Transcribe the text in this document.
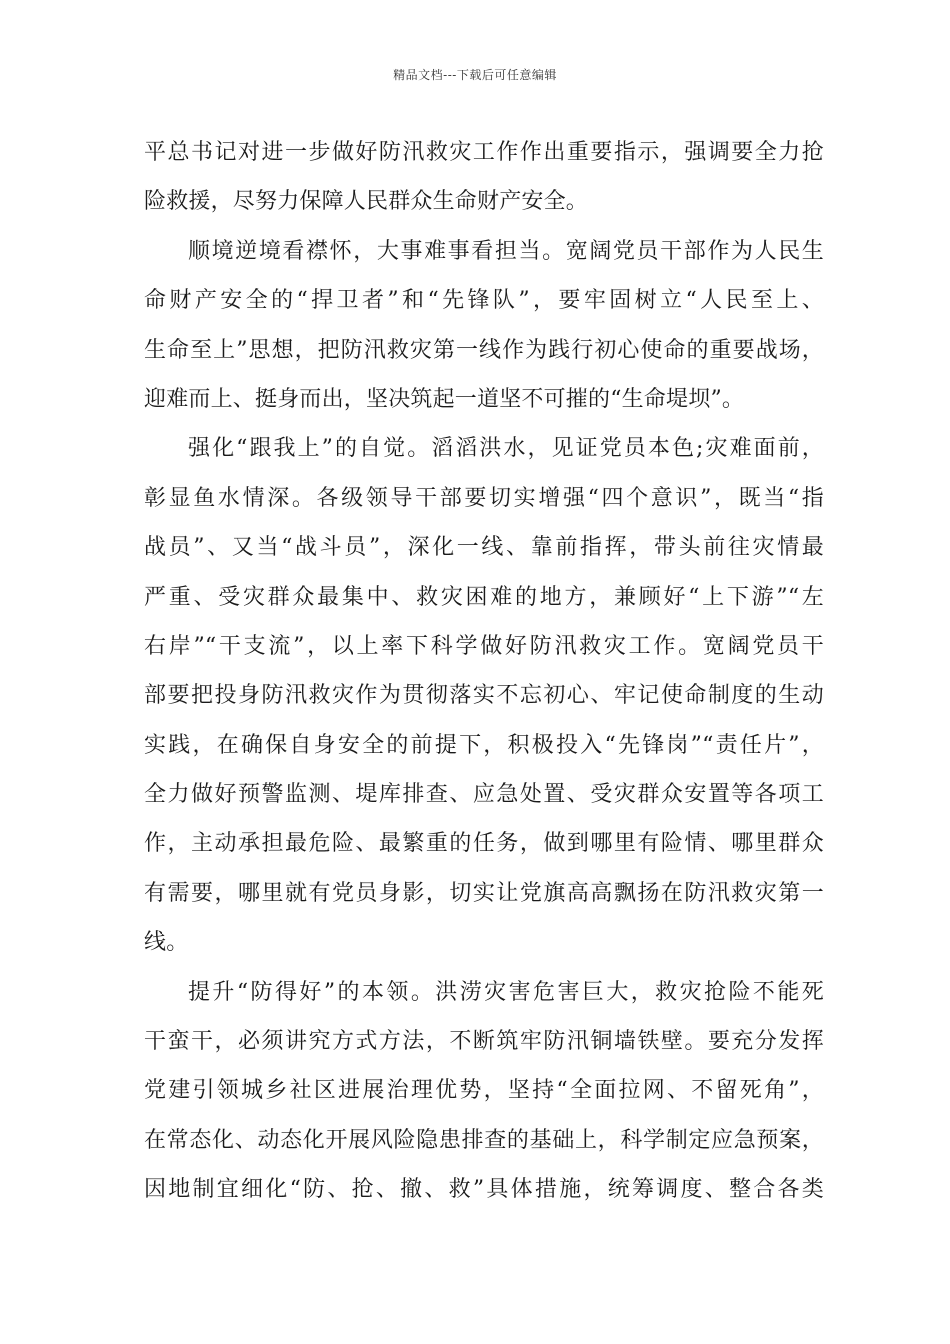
精品文档---下载后可任意编辑
平总书记对进一步做好防汛救灾工作作出重要指示，强调要全力抢
险救援，尽努力保障人民群众生命财产安全。
顺境逆境看襟怀，大事难事看担当。宽阔党员干部作为人民生
命财产安全的“捍卫者”和“先锋队”，要牢固树立“人民至上、
生命至上”思想，把防汛救灾第一线作为践行初心使命的重要战场，
迎难而上、挺身而出，坚决筑起一道坚不可摧的“生命堤坝”。
强化“跟我上”的自觉。滔滔洪水，见证党员本色;灾难面前，
彰显鱼水情深。各级领导干部要切实增强“四个意识”，既当“指
战员”、又当“战斗员”，深化一线、靠前指挥，带头前往灾情最
严重、受灾群众最集中、救灾困难的地方，兼顾好“上下游”“左
右岸”“干支流”，以上率下科学做好防汛救灾工作。宽阔党员干
部要把投身防汛救灾作为贯彻落实不忘初心、牢记使命制度的生动
实践，在确保自身安全的前提下，积极投入“先锋岗”“责任片”，
全力做好预警监测、堤库排查、应急处置、受灾群众安置等各项工
作，主动承担最危险、最繁重的任务，做到哪里有险情、哪里群众
有需要，哪里就有党员身影，切实让党旗高高飘扬在防汛救灾第一
线。
提升“防得好”的本领。洪涝灾害危害巨大，救灾抢险不能死
干蛮干，必须讲究方式方法，不断筑牢防汛铜墙铁壁。要充分发挥
党建引领城乡社区进展治理优势，坚持“全面拉网、不留死角”，
在常态化、动态化开展风险隐患排查的基础上，科学制定应急预案，
因地制宜细化“防、抢、撤、救”具体措施，统筹调度、整合各类
